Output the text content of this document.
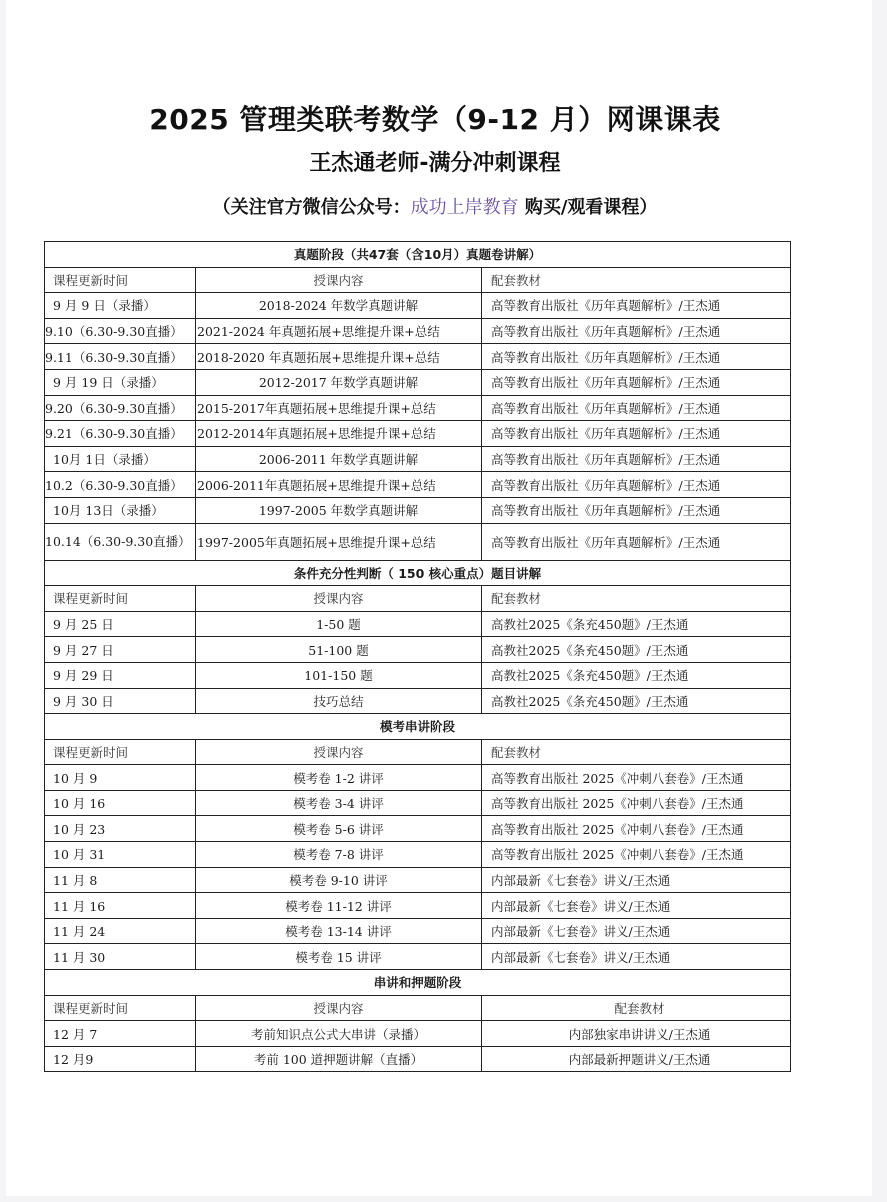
2025 管理类联考数学（9-12 月）网课课表
王杰通老师-满分冲刺课程
（关注官方微信公众号：成功上岸教育 购买/观看课程）
真题阶段（共47套（含10月）真题卷讲解）		
课程更新时间	授课内容	配套教材
9 月 9 日（录播）	2018-2024 年数学真题讲解	高等教育出版社《历年真题解析》/王杰通
9.10（6.30-9.30直播）	2021-2024 年真题拓展+思维提升课+总结	高等教育出版社《历年真题解析》/王杰通
9.11（6.30-9.30直播）	2018-2020 年真题拓展+思维提升课+总结	高等教育出版社《历年真题解析》/王杰通
9 月 19 日（录播）	2012-2017 年数学真题讲解	高等教育出版社《历年真题解析》/王杰通
9.20（6.30-9.30直播）	2015-2017年真题拓展+思维提升课+总结	高等教育出版社《历年真题解析》/王杰通
9.21（6.30-9.30直播）	2012-2014年真题拓展+思维提升课+总结	高等教育出版社《历年真题解析》/王杰通
10月 1日（录播）	2006-2011 年数学真题讲解	高等教育出版社《历年真题解析》/王杰通
10.2（6.30-9.30直播）	2006-2011年真题拓展+思维提升课+总结	高等教育出版社《历年真题解析》/王杰通
10月 13日（录播）	1997-2005 年数学真题讲解	高等教育出版社《历年真题解析》/王杰通

10.14（6.30-9.30直播）	1997-2005年真题拓展+思维提升课+总结	高等教育出版社《历年真题解析》/王杰通
条件充分性判断（ 150 核心重点）题目讲解		
课程更新时间	授课内容	配套教材
9 月 25 日	1-50 题	高教社2025《条充450题》/王杰通
9 月 27 日	51-100 题	高教社2025《条充450题》/王杰通
9 月 29 日	101-150 题	高教社2025《条充450题》/王杰通
9 月 30 日	技巧总结	高教社2025《条充450题》/王杰通
模考串讲阶段		
课程更新时间	授课内容	配套教材
10 月 9	模考卷 1-2 讲评	高等教育出版社 2025《冲刺八套卷》/王杰通
10 月 16	模考卷 3-4 讲评	高等教育出版社 2025《冲刺八套卷》/王杰通
10 月 23	模考卷 5-6 讲评	高等教育出版社 2025《冲刺八套卷》/王杰通
10 月 31	模考卷 7-8 讲评	高等教育出版社 2025《冲刺八套卷》/王杰通
11 月 8	模考卷 9-10 讲评	内部最新《七套卷》讲义/王杰通
11 月 16	模考卷 11-12 讲评	内部最新《七套卷》讲义/王杰通
11 月 24	模考卷 13-14 讲评	内部最新《七套卷》讲义/王杰通
11 月 30	模考卷 15 讲评	内部最新《七套卷》讲义/王杰通
串讲和押题阶段		
课程更新时间	授课内容	配套教材
12 月 7	考前知识点公式大串讲（录播）	内部独家串讲讲义/王杰通
12 月9	考前 100 道押题讲解（直播）	内部最新押题讲义/王杰通
